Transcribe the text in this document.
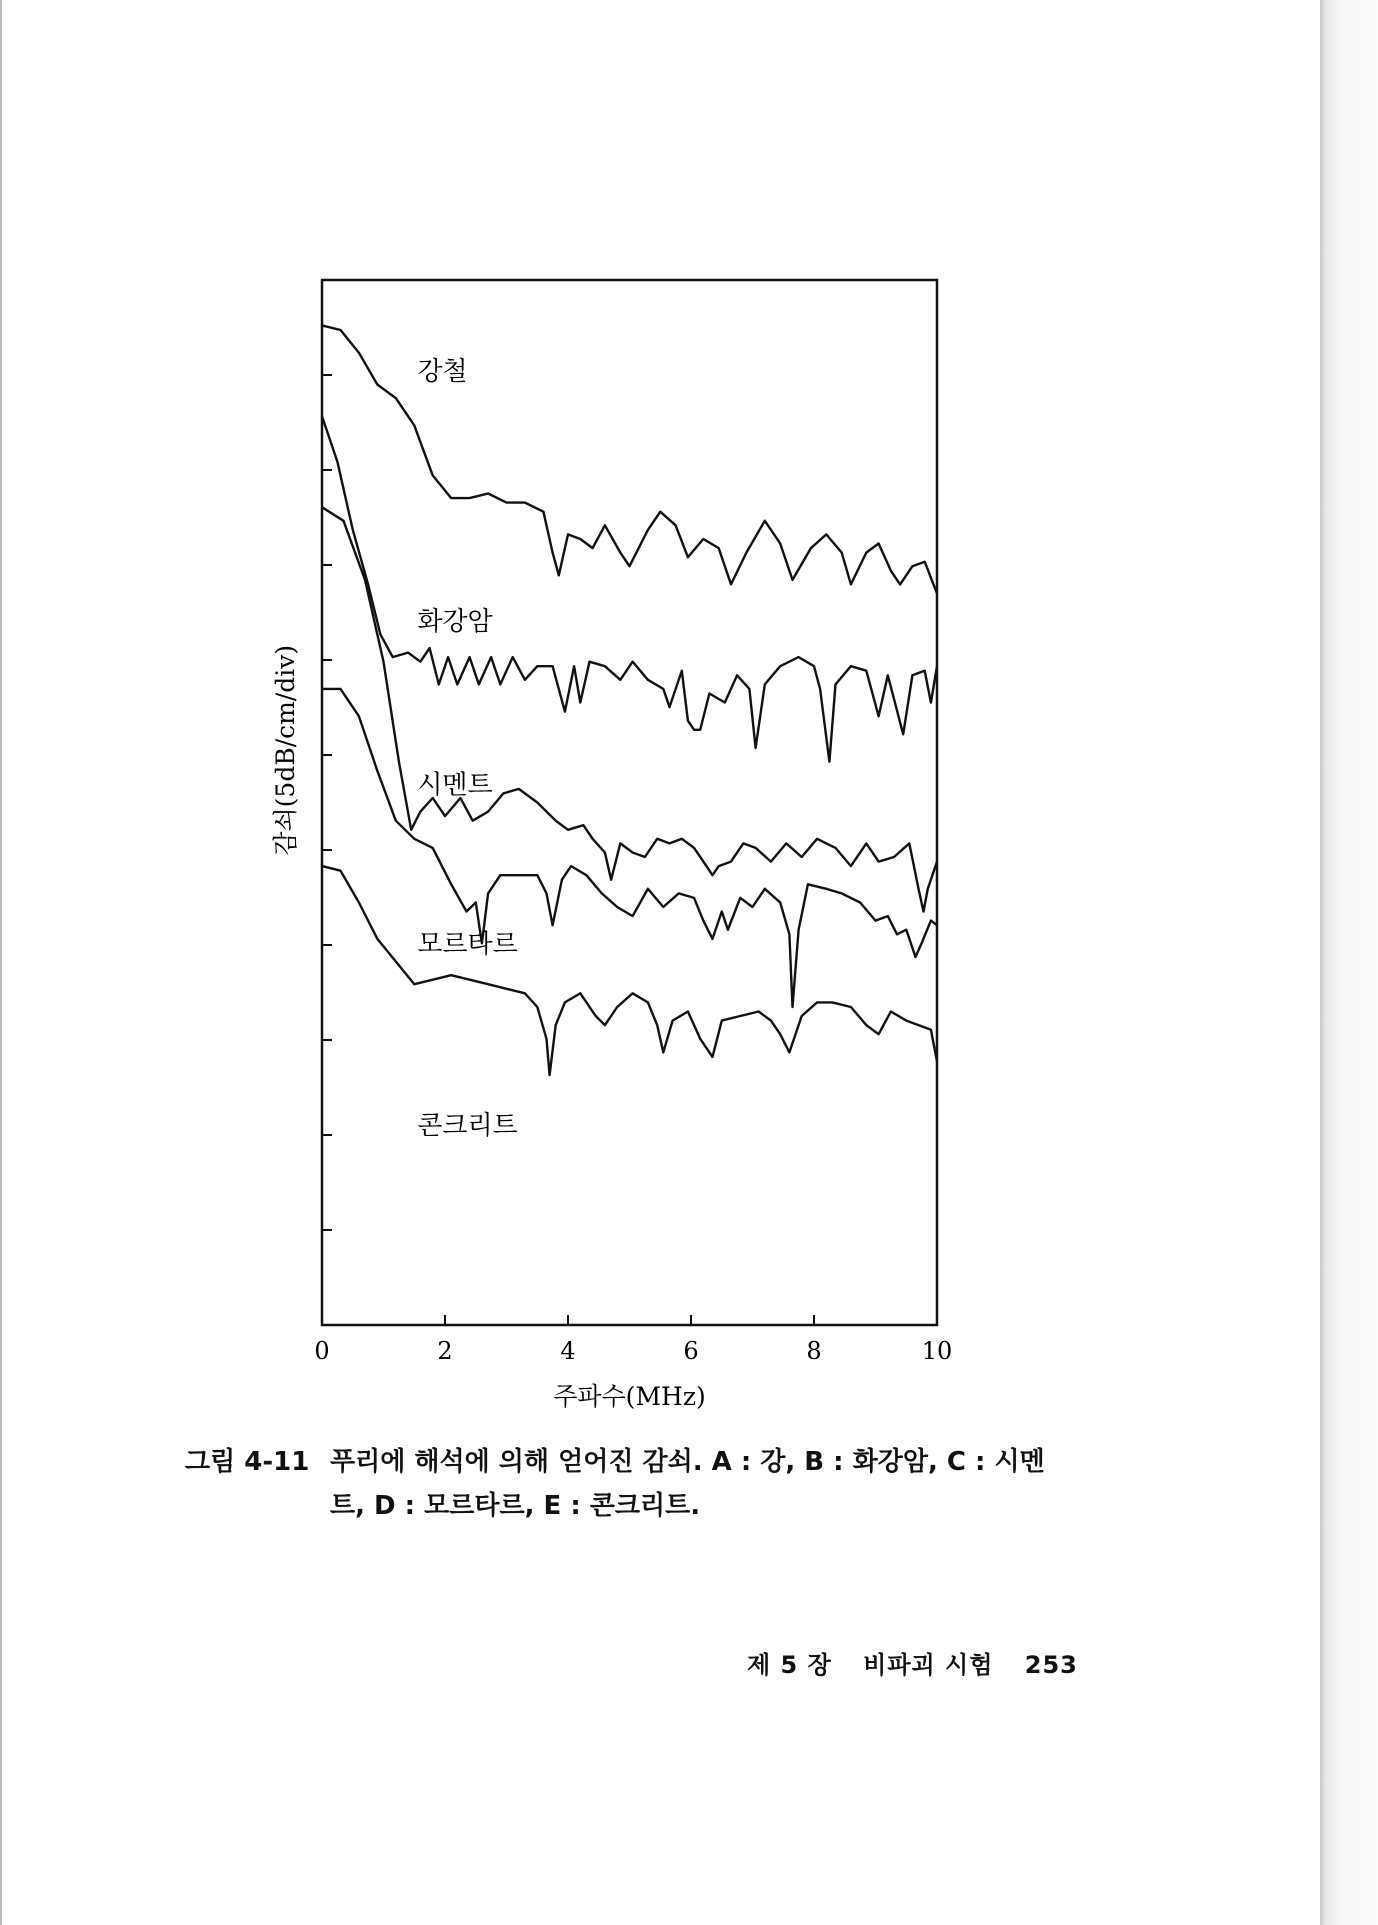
강철
화강암
시멘트
모르타르
콘크리트
0	2	4	6	8	10
주파수(MHz)
감쇠(5dB/cm/div)
그림 4-11 푸리에 해석에 의해 얻어진 감쇠. A : 강, B : 화강암, C : 시멘
트, D : 모르타르, E : 콘크리트.
제 5 장 비파괴 시험 253
